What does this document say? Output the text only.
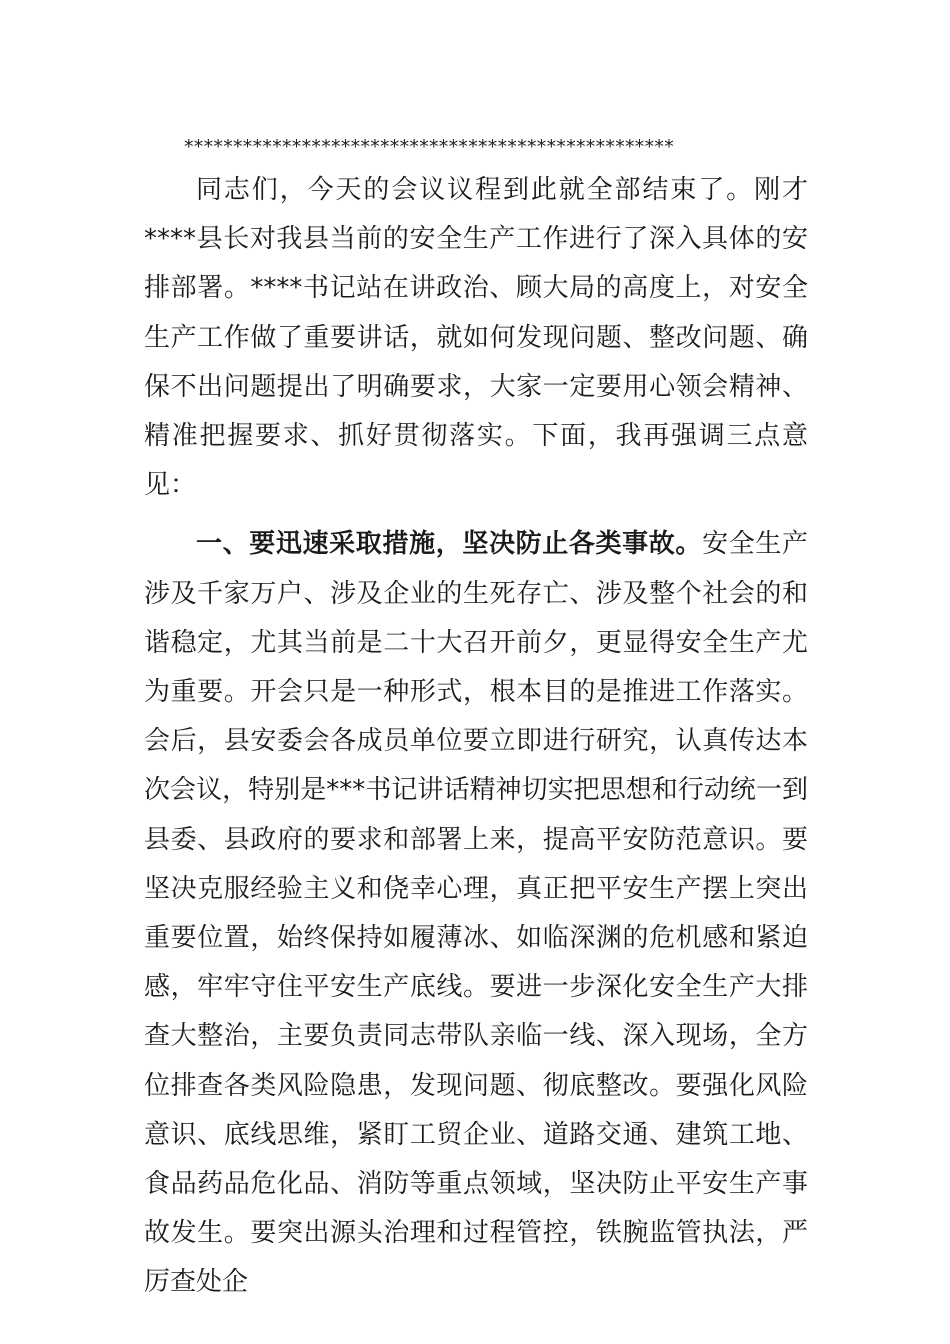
**************************************************

同志们，今天的会议议程到此就全部结束了。刚才****县长对我县当前的安全生产工作进行了深入具体的安排部署。****书记站在讲政治、顾大局的高度上，对安全生产工作做了重要讲话，就如何发现问题、整改问题、确保不出问题提出了明确要求，大家一定要用心领会精神、精准把握要求、抓好贯彻落实。下面，我再强调三点意见：

一、要迅速采取措施，坚决防止各类事故。安全生产涉及千家万户、涉及企业的生死存亡、涉及整个社会的和谐稳定，尤其当前是二十大召开前夕，更显得安全生产尤为重要。开会只是一种形式，根本目的是推进工作落实。会后，县安委会各成员单位要立即进行研究，认真传达本次会议，特别是***书记讲话精神切实把思想和行动统一到县委、县政府的要求和部署上来，提高平安防范意识。要坚决克服经验主义和侥幸心理，真正把平安生产摆上突出重要位置，始终保持如履薄冰、如临深渊的危机感和紧迫感，牢牢守住平安生产底线。要进一步深化安全生产大排查大整治，主要负责同志带队亲临一线、深入现场，全方位排查各类风险隐患，发现问题、彻底整改。要强化风险意识、底线思维，紧盯工贸企业、道路交通、建筑工地、食品药品危化品、消防等重点领域，坚决防止平安生产事故发生。要突出源头治理和过程管控，铁腕监管执法，严厉查处企
